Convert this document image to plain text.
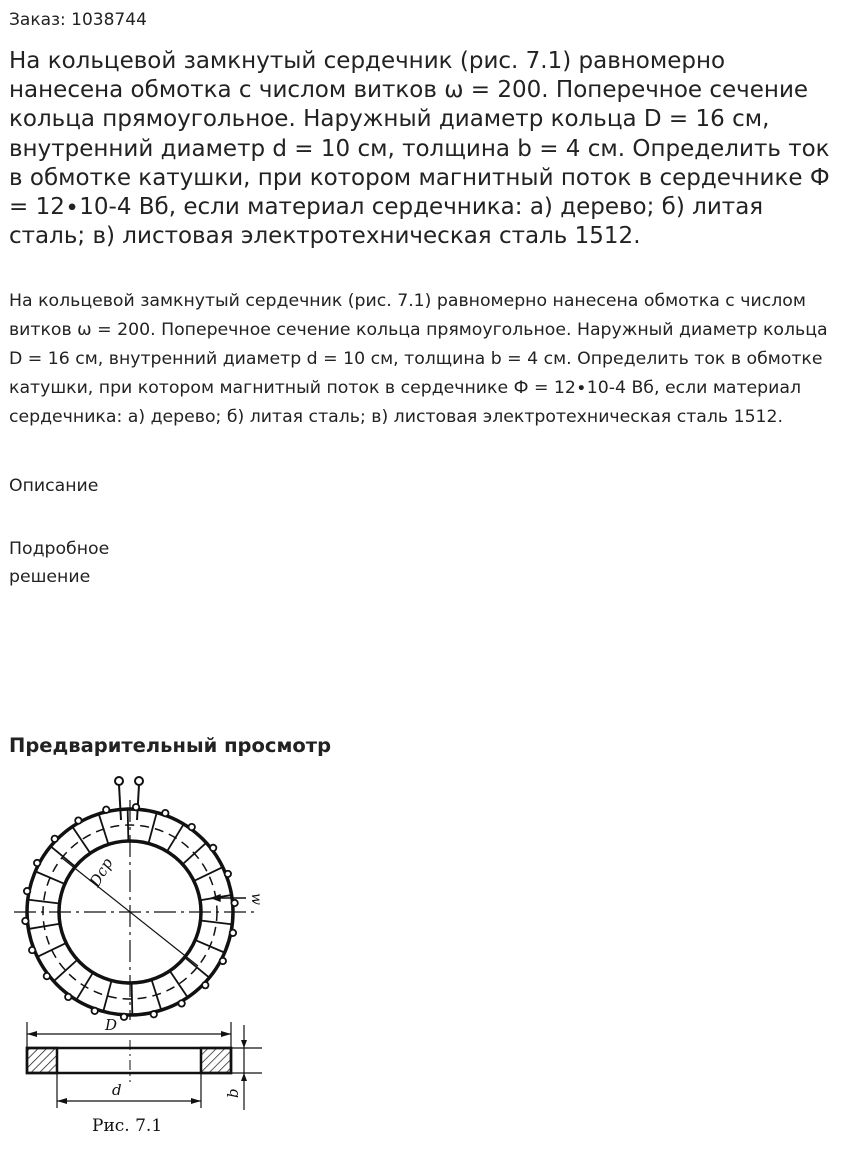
Заказ: 1038744
На кольцевой замкнутый сердечник (рис. 7.1) равномерно нанесена обмотка с числом витков ω = 200. Поперечное сечение кольца прямоугольное. Наружный диаметр кольца D = 16 см, внутренний диаметр d = 10 см, толщина b = 4 см. Определить ток в обмотке катушки, при котором магнитный поток в сердечнике Ф = 12∙10-4 Вб, если материал сердечника: а) дерево; б) литая сталь; в) листовая электротехническая сталь 1512.
На кольцевой замкнутый сердечник (рис. 7.1) равномерно нанесена обмотка с числом витков ω = 200. Поперечное сечение кольца прямоугольное. Наружный диаметр кольца D = 16 см, внутренний диаметр d = 10 см, толщина b = 4 см. Определить ток в обмотке катушки, при котором магнитный поток в сердечнике Ф = 12∙10-4 Вб, если материал сердечника: а) дерево; б) литая сталь; в) листовая электротехническая сталь 1512.
Описание
Подробное решение
Предварительный просмотр
Dср
w
D
d	b
Рис. 7.1
